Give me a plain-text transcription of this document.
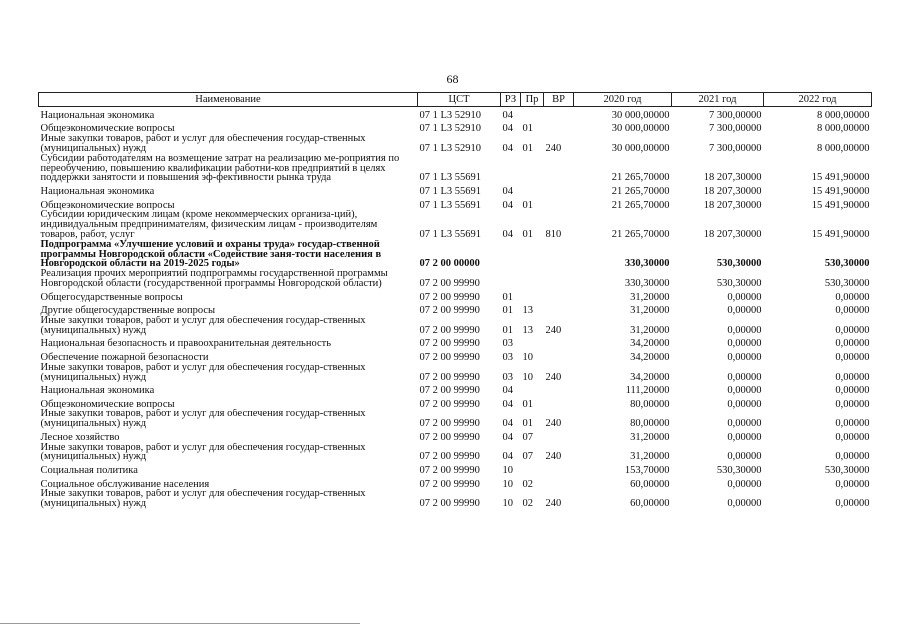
68
Наименование	ЦСТ	РЗ	Пр	ВР	2020 год	2021 год	2022 год
Национальная экономика	07 1 L3 52910	04			30 000,00000	7 300,00000	8 000,00000
Общеэкономические вопросы	07 1 L3 52910	04	01		30 000,00000	7 300,00000	8 000,00000
Иные закупки товаров, работ и услуг для обеспечения государ-ственных (муниципальных) нужд	07 1 L3 52910	04	01	240	30 000,00000	7 300,00000	8 000,00000
Субсидии работодателям на возмещение затрат на реализацию ме-роприятия по переобучению, повышению квалификации работни-ков предприятий в целях поддержки занятости и повышения эф-фективности рынка труда	07 1 L3 55691				21 265,70000	18 207,30000	15 491,90000
Национальная экономика	07 1 L3 55691	04			21 265,70000	18 207,30000	15 491,90000
Общеэкономические вопросы	07 1 L3 55691	04	01		21 265,70000	18 207,30000	15 491,90000
Субсидии юридическим лицам (кроме некоммерческих организа-ций), индивидуальным предпринимателям, физическим лицам - производителям товаров, работ, услуг	07 1 L3 55691	04	01	810	21 265,70000	18 207,30000	15 491,90000
Подпрограмма «Улучшение условий и охраны труда» государ-ственной программы Новгородской области «Содействие заня-тости населения в Новгородской области на 2019-2025 годы»	07 2 00 00000				330,30000	530,30000	530,30000
Реализация прочих мероприятий подпрограммы государственной программы Новгородской области (государственной программы Новгородской области)	07 2 00 99990				330,30000	530,30000	530,30000
Общегосударственные вопросы	07 2 00 99990	01			31,20000	0,00000	0,00000
Другие общегосударственные вопросы	07 2 00 99990	01	13		31,20000	0,00000	0,00000
Иные закупки товаров, работ и услуг для обеспечения государ-ственных (муниципальных) нужд	07 2 00 99990	01	13	240	31,20000	0,00000	0,00000
Национальная безопасность и правоохранительная деятельность	07 2 00 99990	03			34,20000	0,00000	0,00000
Обеспечение пожарной безопасности	07 2 00 99990	03	10		34,20000	0,00000	0,00000
Иные закупки товаров, работ и услуг для обеспечения государ-ственных (муниципальных) нужд	07 2 00 99990	03	10	240	34,20000	0,00000	0,00000
Национальная экономика	07 2 00 99990	04			111,20000	0,00000	0,00000
Общеэкономические вопросы	07 2 00 99990	04	01		80,00000	0,00000	0,00000
Иные закупки товаров, работ и услуг для обеспечения государ-ственных (муниципальных) нужд	07 2 00 99990	04	01	240	80,00000	0,00000	0,00000
Лесное хозяйство	07 2 00 99990	04	07		31,20000	0,00000	0,00000
Иные закупки товаров, работ и услуг для обеспечения государ-ственных (муниципальных) нужд	07 2 00 99990	04	07	240	31,20000	0,00000	0,00000
Социальная политика	07 2 00 99990	10			153,70000	530,30000	530,30000
Социальное обслуживание населения	07 2 00 99990	10	02		60,00000	0,00000	0,00000
Иные закупки товаров, работ и услуг для обеспечения государ-ственных (муниципальных) нужд	07 2 00 99990	10	02	240	60,00000	0,00000	0,00000
